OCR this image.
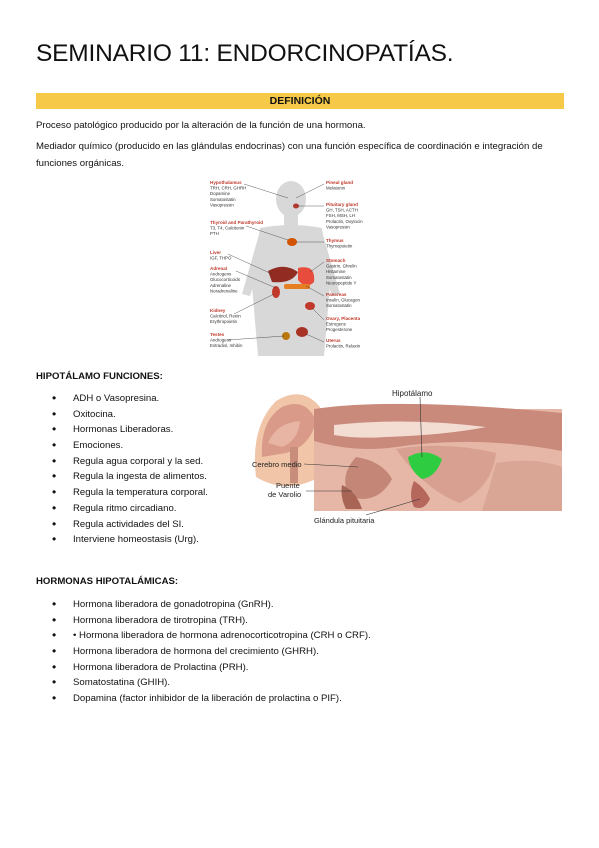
SEMINARIO 11: ENDORCINOPATÍAS.
DEFINICIÓN

Proceso patológico producido por la alteración de la función de una hormona.

Mediador químico (producido en las glándulas endocrinas) con una función específica de coordinación e integración de funciones orgánicas.

Hypothalamus
TRH, CRH, GHRH
Dopamine
Somatostatin
Vasopressin
Thyroid and Parathyroid
T3, T4, Calcitonin
PTH
Liver
IGF, THPO
Adrenal
Androgens
Glucocorticoids
Adrenaline
Noradrenaline
Kidney
Calcitriol, Renin
Erythropoietin
Testes
Androgens
Estradiol, Inhibin
Pineal gland
Melatonin
Pituitary gland
GH, TSH, ACTH
FSH, MSH, LH
Prolactin, Oxytocin
Vasopressin
Thymus
Thymopoietin
Stomach
Gastrin, Ghrelin
Histamine
Somatostatin
Neuropeptide Y
Pancreas
Insulin, Glucagon
Somatostatin
Ovary, Placenta
Estrogens
Progesterone
Uterus
Prolactin, Relaxin
HIPOTÁLAMO FUNCIONES:
• ADH o Vasopresina.
• Oxitocina.
• Hormonas Liberadoras.
• Emociones.
• Regula agua corporal y la sed.
• Regula la ingesta de alimentos.
• Regula la temperatura corporal.
• Regula ritmo circadiano.
• Regula actividades del SI.
• Interviene homeostasis (Urg).
Hipotálamo
Cerebro medio
Puente
de Varolio
Glándula pituitaria
HORMONAS HIPOTALÁMICAS:
• Hormona liberadora de gonadotropina (GnRH).
• Hormona liberadora de tirotropina (TRH).
• • Hormona liberadora de hormona adrenocorticotropina (CRH o CRF).
• Hormona liberadora de hormona del crecimiento (GHRH).
• Hormona liberadora de Prolactina (PRH).
• Somatostatina (GHIH).
• Dopamina (factor inhibidor de la liberación de prolactina o PIF).
